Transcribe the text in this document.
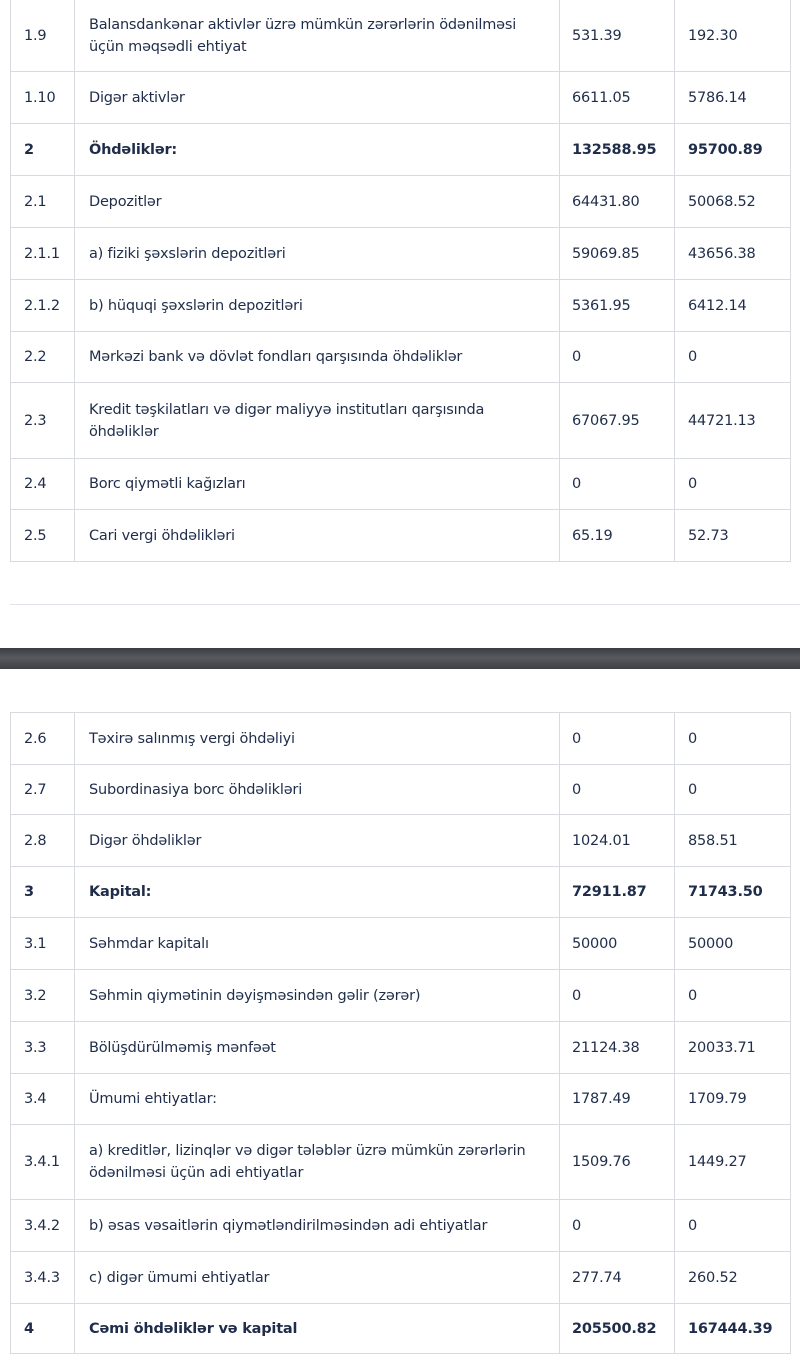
1.9	Balansdankənar aktivlər üzrə mümkün zərərlərin ödənilməsi üçün məqsədli ehtiyat	531.39	192.30
1.10	Digər aktivlər	6611.05	5786.14
2	Öhdəliklər:	132588.95	95700.89
2.1	Depozitlər	64431.80	50068.52
2.1.1	a) fiziki şəxslərin depozitləri	59069.85	43656.38
2.1.2	b) hüquqi şəxslərin depozitləri	5361.95	6412.14
2.2	Mərkəzi bank və dövlət fondları qarşısında öhdəliklər	0	0
2.3	Kredit təşkilatları və digər maliyyə institutları qarşısında öhdəliklər	67067.95	44721.13
2.4	Borc qiymətli kağızları	0	0
2.5	Cari vergi öhdəlikləri	65.19	52.73
2.6	Təxirə salınmış vergi öhdəliyi	0	0
2.7	Subordinasiya borc öhdəlikləri	0	0
2.8	Digər öhdəliklər	1024.01	858.51
3	Kapital:	72911.87	71743.50
3.1	Səhmdar kapitalı	50000	50000
3.2	Səhmin qiymətinin dəyişməsindən gəlir (zərər)	0	0
3.3	Bölüşdürülməmiş mənfəət	21124.38	20033.71
3.4	Ümumi ehtiyatlar:	1787.49	1709.79
3.4.1	a) kreditlər, lizinqlər və digər tələblər üzrə mümkün zərərlərin ödənilməsi üçün adi ehtiyatlar	1509.76	1449.27
3.4.2	b) əsas vəsaitlərin qiymətləndirilməsindən adi ehtiyatlar	0	0
3.4.3	c) digər ümumi ehtiyatlar	277.74	260.52
4	Cəmi öhdəliklər və kapital	205500.82	167444.39
